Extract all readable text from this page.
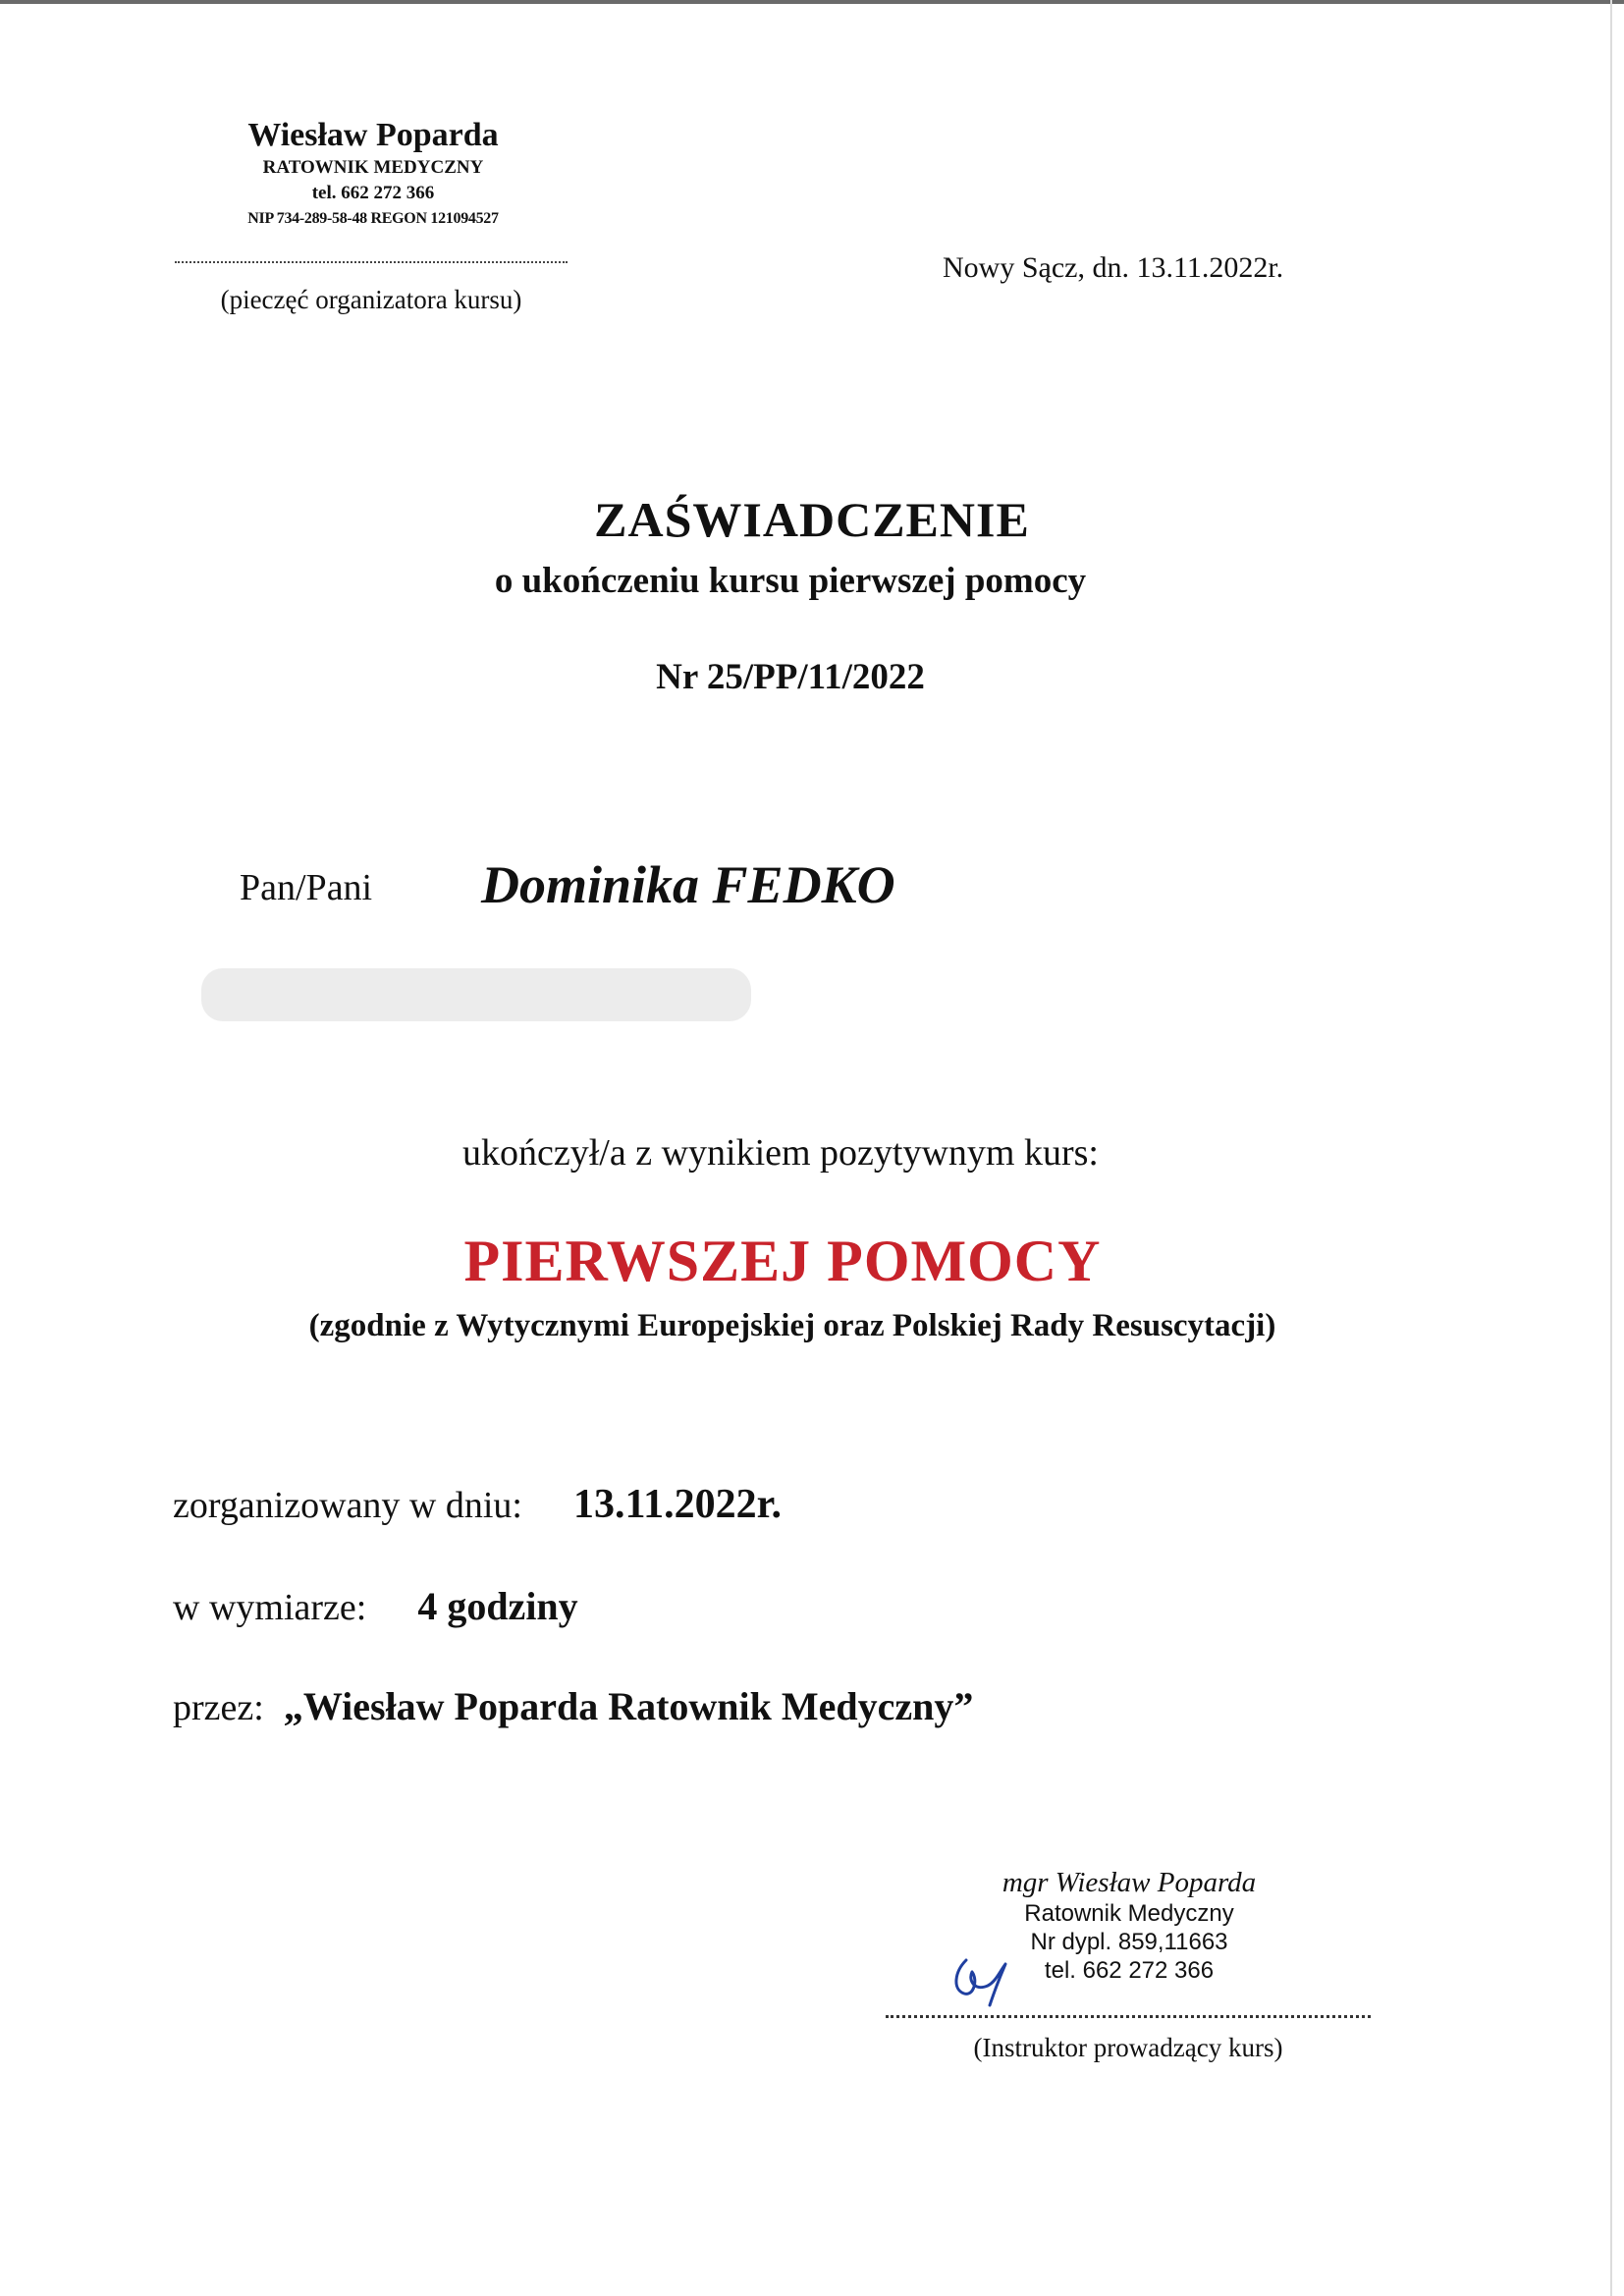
Wiesław Poparda
RATOWNIK MEDYCZNY
tel. 662 272 366
NIP 734-289-58-48 REGON 121094527
(pieczęć organizatora kursu)
Nowy Sącz, dn. 13.11.2022r.
ZAŚWIADCZENIE
o ukończeniu kursu pierwszej pomocy
Nr 25/PP/11/2022
Pan/Pani Dominika FEDKO
ukończył/a z wynikiem pozytywnym kurs:
PIERWSZEJ POMOCY
(zgodnie z Wytycznymi Europejskiej oraz Polskiej Rady Resuscytacji)
zorganizowany w dniu: 13.11.2022r.
w wymiarze: 4 godziny
przez: „Wiesław Poparda Ratownik Medyczny”
mgr Wiesław Poparda
Ratownik Medyczny
Nr dypl. 859,11663
tel. 662 272 366
(Instruktor prowadzący kurs)
